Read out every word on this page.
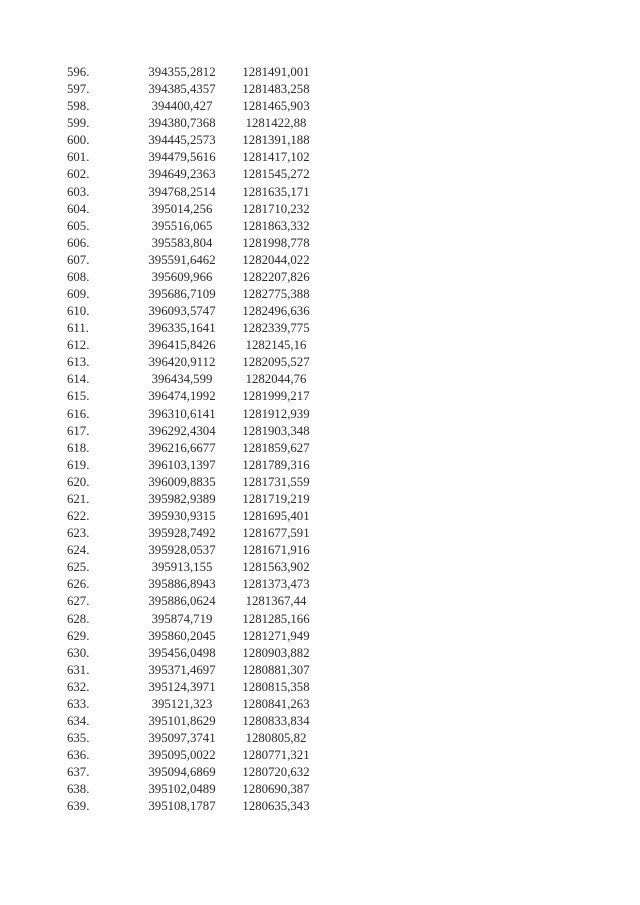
596.	394355,2812	1281491,001
597.	394385,4357	1281483,258
598.	394400,427	1281465,903
599.	394380,7368	1281422,88
600.	394445,2573	1281391,188
601.	394479,5616	1281417,102
602.	394649,2363	1281545,272
603.	394768,2514	1281635,171
604.	395014,256	1281710,232
605.	395516,065	1281863,332
606.	395583,804	1281998,778
607.	395591,6462	1282044,022
608.	395609,966	1282207,826
609.	395686,7109	1282775,388
610.	396093,5747	1282496,636
611.	396335,1641	1282339,775
612.	396415,8426	1282145,16
613.	396420,9112	1282095,527
614.	396434,599	1282044,76
615.	396474,1992	1281999,217
616.	396310,6141	1281912,939
617.	396292,4304	1281903,348
618.	396216,6677	1281859,627
619.	396103,1397	1281789,316
620.	396009,8835	1281731,559
621.	395982,9389	1281719,219
622.	395930,9315	1281695,401
623.	395928,7492	1281677,591
624.	395928,0537	1281671,916
625.	395913,155	1281563,902
626.	395886,8943	1281373,473
627.	395886,0624	1281367,44
628.	395874,719	1281285,166
629.	395860,2045	1281271,949
630.	395456,0498	1280903,882
631.	395371,4697	1280881,307
632.	395124,3971	1280815,358
633.	395121,323	1280841,263
634.	395101,8629	1280833,834
635.	395097,3741	1280805,82
636.	395095,0022	1280771,321
637.	395094,6869	1280720,632
638.	395102,0489	1280690,387
639.	395108,1787	1280635,343
